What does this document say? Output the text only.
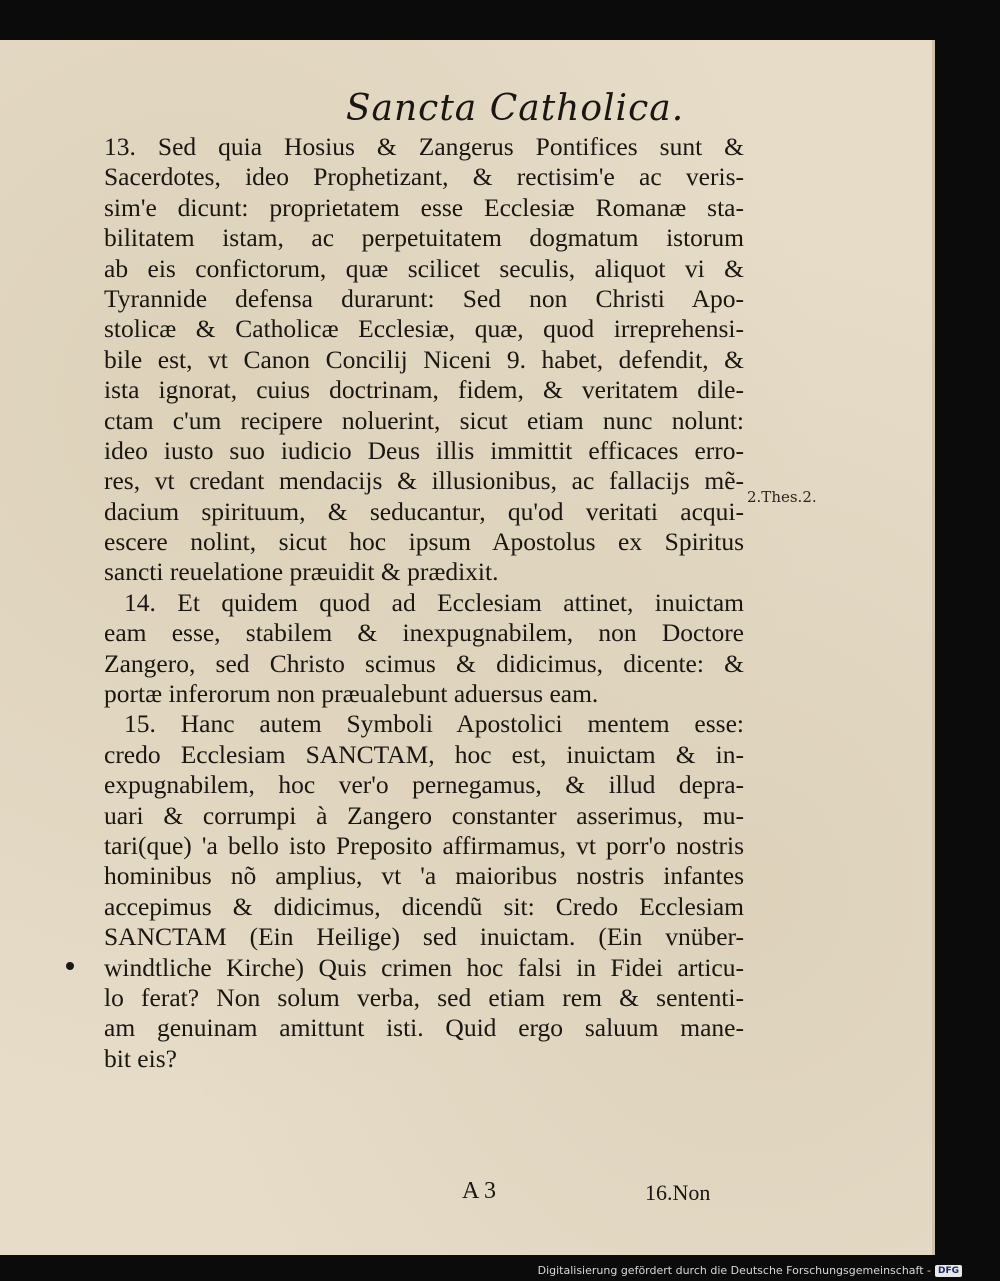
Sancta Catholica.
13. Sed quia Hosius & Zangerus Pontifices sunt &
Sacerdotes, ideo Prophetizant, & rectisim'e ac veris-
sim'e dicunt: proprietatem esse Ecclesiæ Romanæ sta-
bilitatem istam, ac perpetuitatem dogmatum istorum
ab eis confictorum, quæ scilicet seculis, aliquot vi &
Tyrannide defensa durarunt: Sed non Christi Apo-
stolicæ & Catholicæ Ecclesiæ, quæ, quod irreprehensi-
bile est, vt Canon Concilij Niceni 9. habet, defendit, &
ista ignorat, cuius doctrinam, fidem, & veritatem dile-
ctam c'um recipere noluerint, sicut etiam nunc nolunt:
ideo iusto suo iudicio Deus illis immittit efficaces erro-
res, vt credant mendacijs & illusionibus, ac fallacijs mẽ-
dacium spirituum, & seducantur, qu'od veritati acqui-
escere nolint, sicut hoc ipsum Apostolus ex Spiritus
sancti reuelatione præuidit & prædixit.
14. Et quidem quod ad Ecclesiam attinet, inuictam
eam esse, stabilem & inexpugnabilem, non Doctore
Zangero, sed Christo scimus & didicimus, dicente: &
portæ inferorum non præualebunt aduersus eam.
15. Hanc autem Symboli Apostolici mentem esse:
credo Ecclesiam SANCTAM, hoc est, inuictam & in-
expugnabilem, hoc ver'o pernegamus, & illud depra-
uari & corrumpi à Zangero constanter asserimus, mu-
tari(que) 'a bello isto Preposito affirmamus, vt porr'o nostris
hominibus nõ amplius, vt 'a maioribus nostris infantes
accepimus & didicimus, dicendũ sit: Credo Ecclesiam
SANCTAM (Ein Heilige) sed inuictam. (Ein vnüber-
windtliche Kirche) Quis crimen hoc falsi in Fidei articu-
lo ferat? Non solum verba, sed etiam rem & sententi-
am genuinam amittunt isti. Quid ergo saluum mane-
bit eis?
2.Thes.2.
A 3	16.Non
Digitalisierung gefördert durch die Deutsche Forschungsgemeinschaft - DFG
